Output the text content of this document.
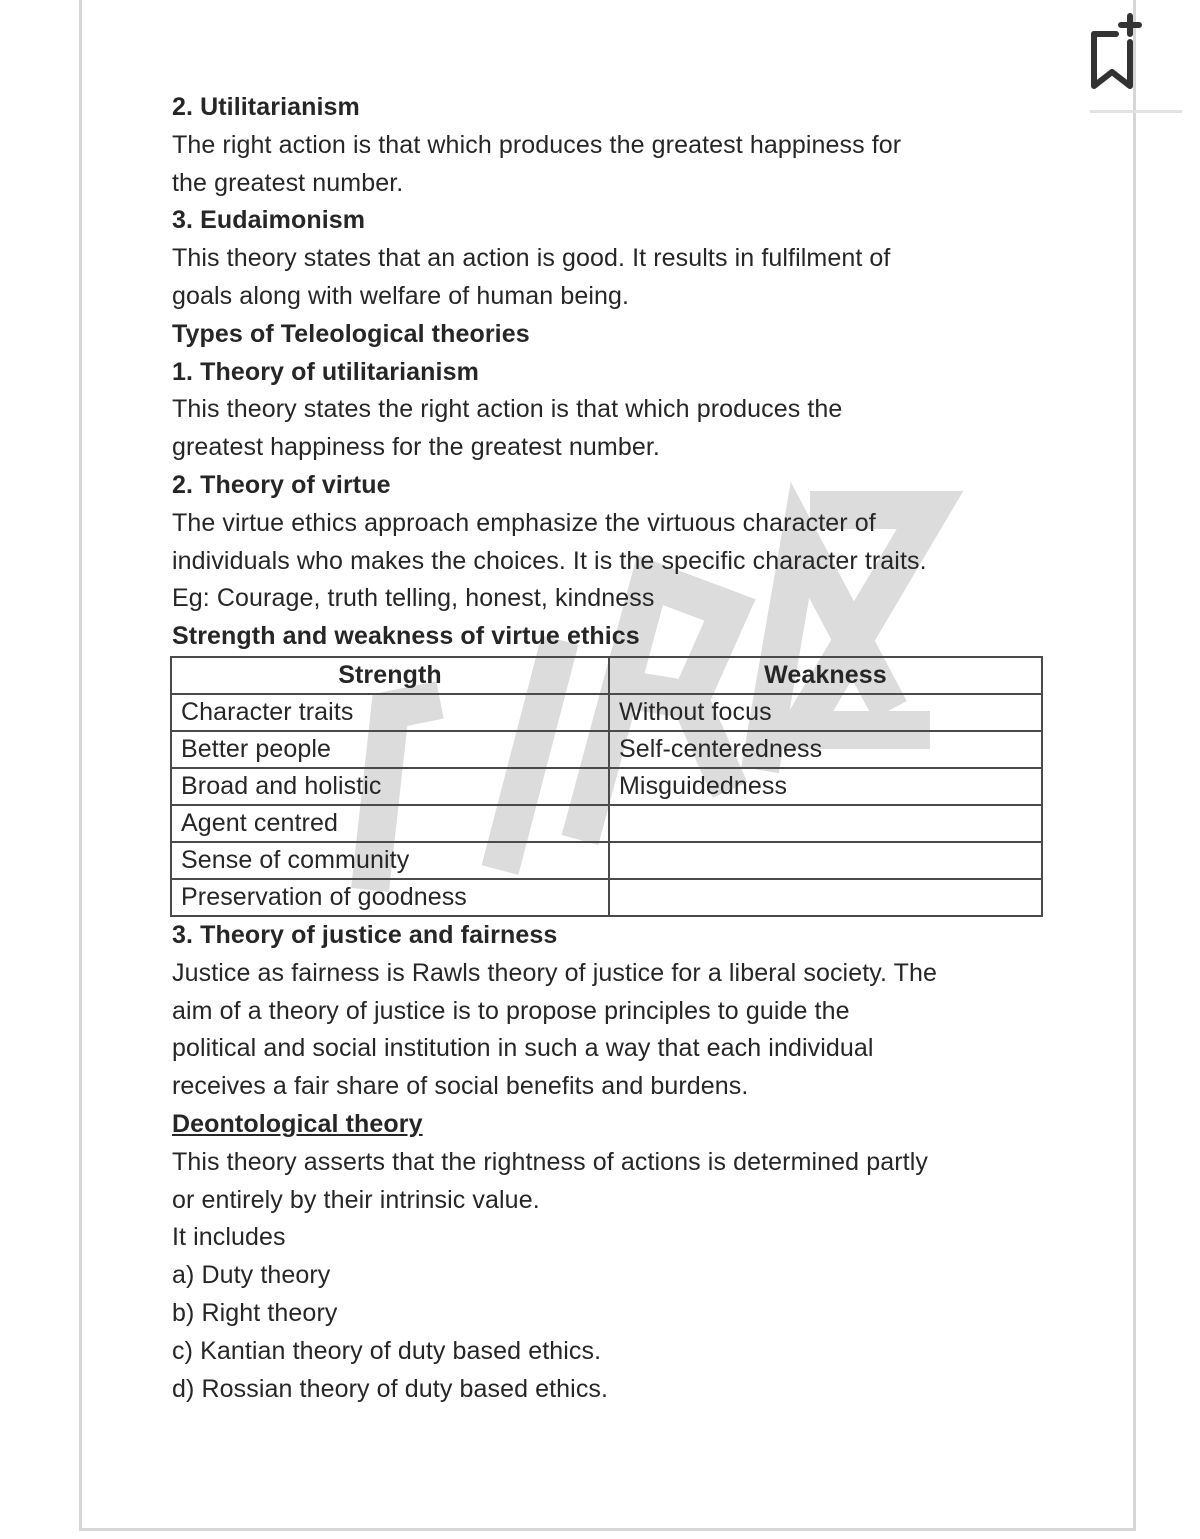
2. Utilitarianism

The right action is that which produces the greatest happiness for

the greatest number.

3. Eudaimonism

This theory states that an action is good. It results in fulfilment of

goals along with welfare of human being.

Types of Teleological theories

1. Theory of utilitarianism

This theory states the right action is that which produces the

greatest happiness for the greatest number.

2. Theory of virtue

The virtue ethics approach emphasize the virtuous character of

individuals who makes the choices. It is the specific character traits.

Eg: Courage, truth telling, honest, kindness

Strength and weakness of virtue ethics

Strength	Weakness
Character traits	Without focus
Better people	Self-centeredness
Broad and holistic	Misguidedness
Agent centred	
Sense of community	
Preservation of goodness	

3. Theory of justice and fairness

Justice as fairness is Rawls theory of justice for a liberal society. The

aim of a theory of justice is to propose principles to guide the

political and social institution in such a way that each individual

receives a fair share of social benefits and burdens.

Deontological theory

This theory asserts that the rightness of actions is determined partly

or entirely by their intrinsic value.

It includes

a) Duty theory

b) Right theory

c) Kantian theory of duty based ethics.

d) Rossian theory of duty based ethics.
